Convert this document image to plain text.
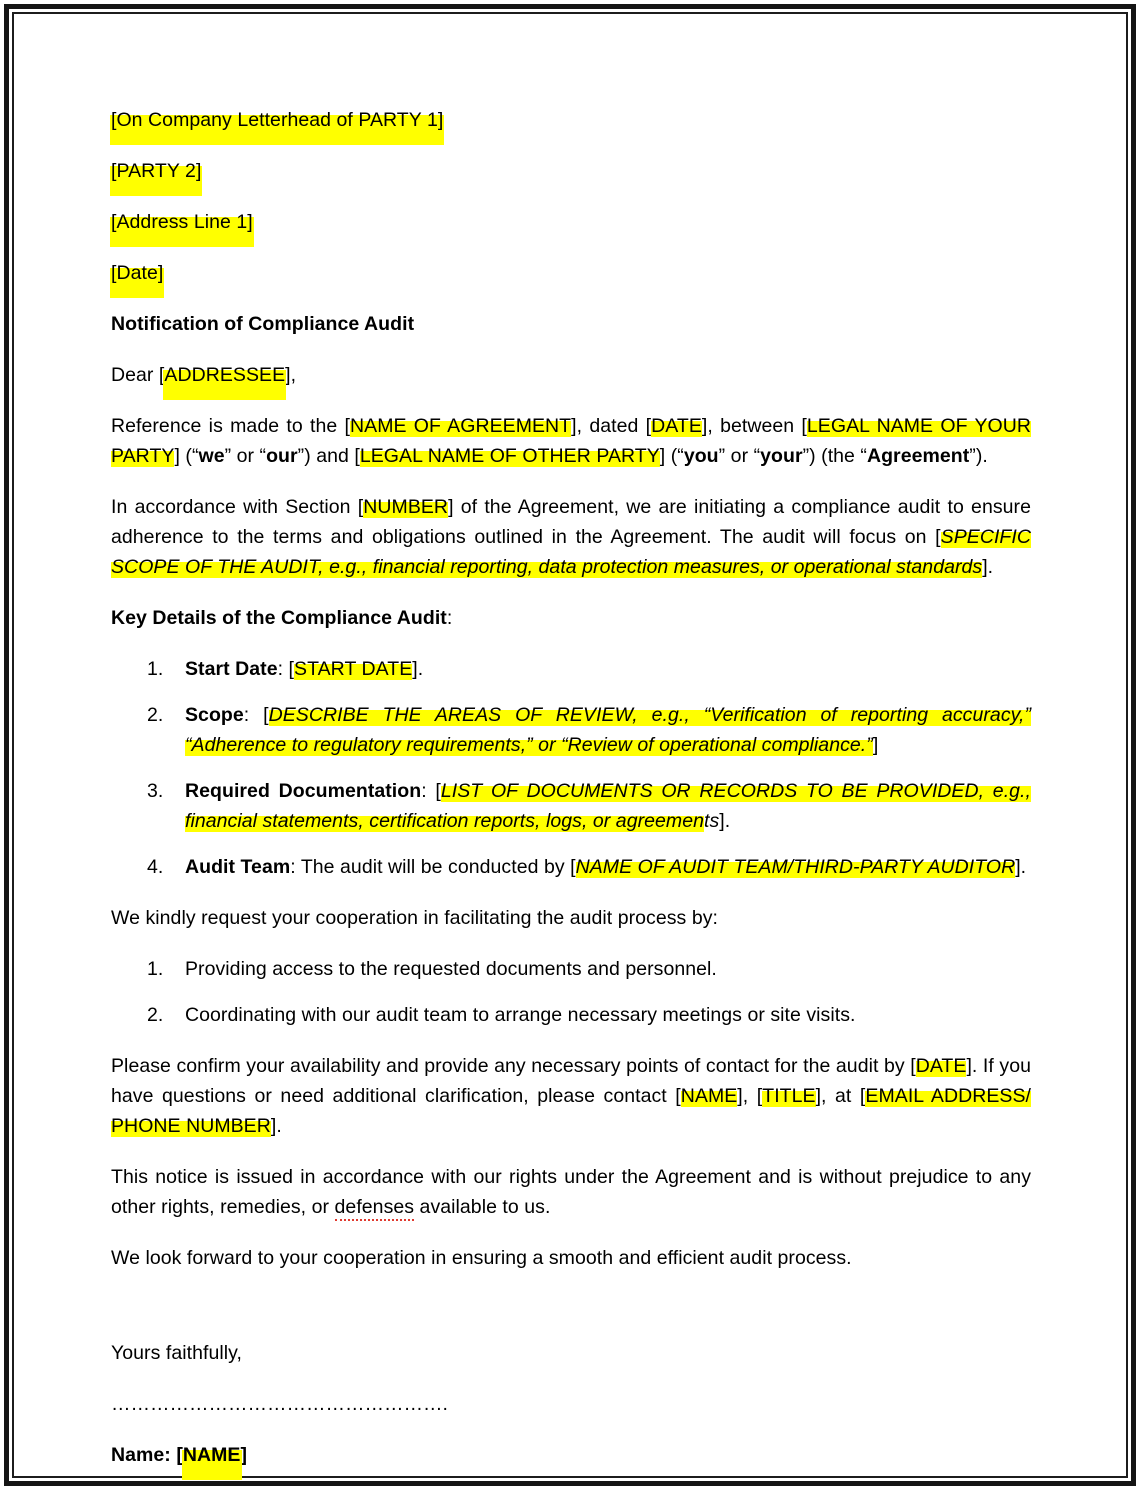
[On Company Letterhead of PARTY 1]

[PARTY 2]

[Address Line 1]

[Date]

Notification of Compliance Audit

Dear [ADDRESSEE],

Reference is made to the [NAME OF AGREEMENT], dated [DATE], between [LEGAL NAME OF YOUR PARTY] (“we” or “our”) and [LEGAL NAME OF OTHER PARTY] (“you” or “your”) (the “Agreement”).

In accordance with Section [NUMBER] of the Agreement, we are initiating a compliance audit to ensure adherence to the terms and obligations outlined in the Agreement. The audit will focus on [SPECIFIC SCOPE OF THE AUDIT, e.g., financial reporting, data protection measures, or operational standards].

Key Details of the Compliance Audit:

Start Date: [START DATE].
Scope: [DESCRIBE THE AREAS OF REVIEW, e.g., “Verification of reporting accuracy,” “Adherence to regulatory requirements,” or “Review of operational compliance.”]
Required Documentation: [LIST OF DOCUMENTS OR RECORDS TO BE PROVIDED, e.g., financial statements, certification reports, logs, or agreements].
Audit Team: The audit will be conducted by [NAME OF AUDIT TEAM/THIRD-PARTY AUDITOR].

We kindly request your cooperation in facilitating the audit process by:

Providing access to the requested documents and personnel.
Coordinating with our audit team to arrange necessary meetings or site visits.

Please confirm your availability and provide any necessary points of contact for the audit by [DATE]. If you have questions or need additional clarification, please contact [NAME], [TITLE], at [EMAIL ADDRESS/ PHONE NUMBER].

This notice is issued in accordance with our rights under the Agreement and is without prejudice to any other rights, remedies, or defenses available to us.

We look forward to your cooperation in ensuring a smooth and efficient audit process.

Yours faithfully,

…………………………………………….

Name: [NAME]
